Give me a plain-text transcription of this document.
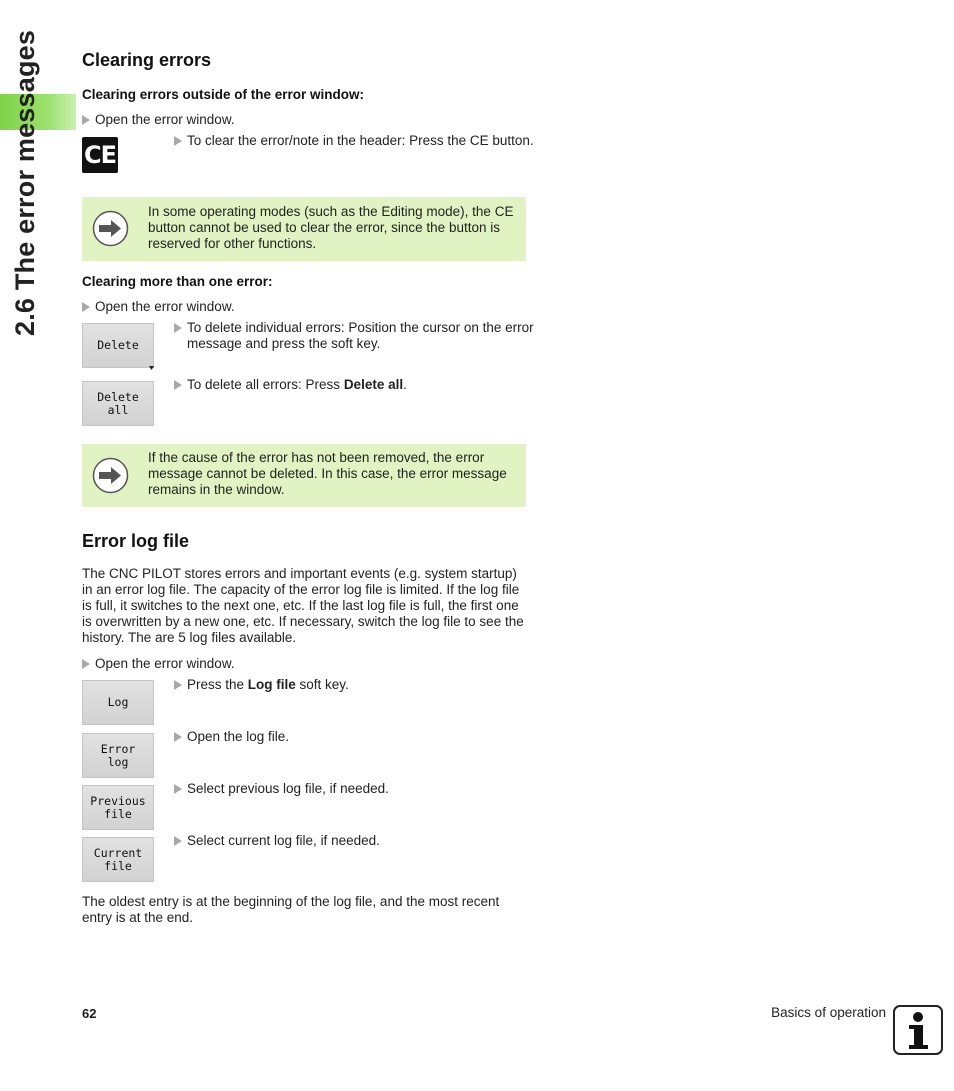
2.6 The error messages	Clearing errors
Clearing errors outside of the error window:
Open the error window.
CE
To clear the error/note in the header: Press the CE button.
In some operating modes (such as the Editing mode), the CE button cannot be used to clear the error, since the button is reserved for other functions.
Clearing more than one error:
Open the error window.
Delete
To delete individual errors: Position the cursor on the error message and press the soft key.
Delete
all
To delete all errors: Press Delete all.
If the cause of the error has not been removed, the error message cannot be deleted. In this case, the error message remains in the window.
Error log file
The CNC PILOT stores errors and important events (e.g. system startup) in an error log file. The capacity of the error log file is limited. If the log file is full, it switches to the next one, etc. If the last log file is full, the first one is overwritten by a new one, etc. If necessary, switch the log file to see the history. The are 5 log files available.
Open the error window.
Log
Press the Log file soft key.
Error
log
Open the log file.
Previous
file
Select previous log file, if needed.
Current
file
Select current log file, if needed.
The oldest entry is at the beginning of the log file, and the most recent entry is at the end.
62	Basics of operation
